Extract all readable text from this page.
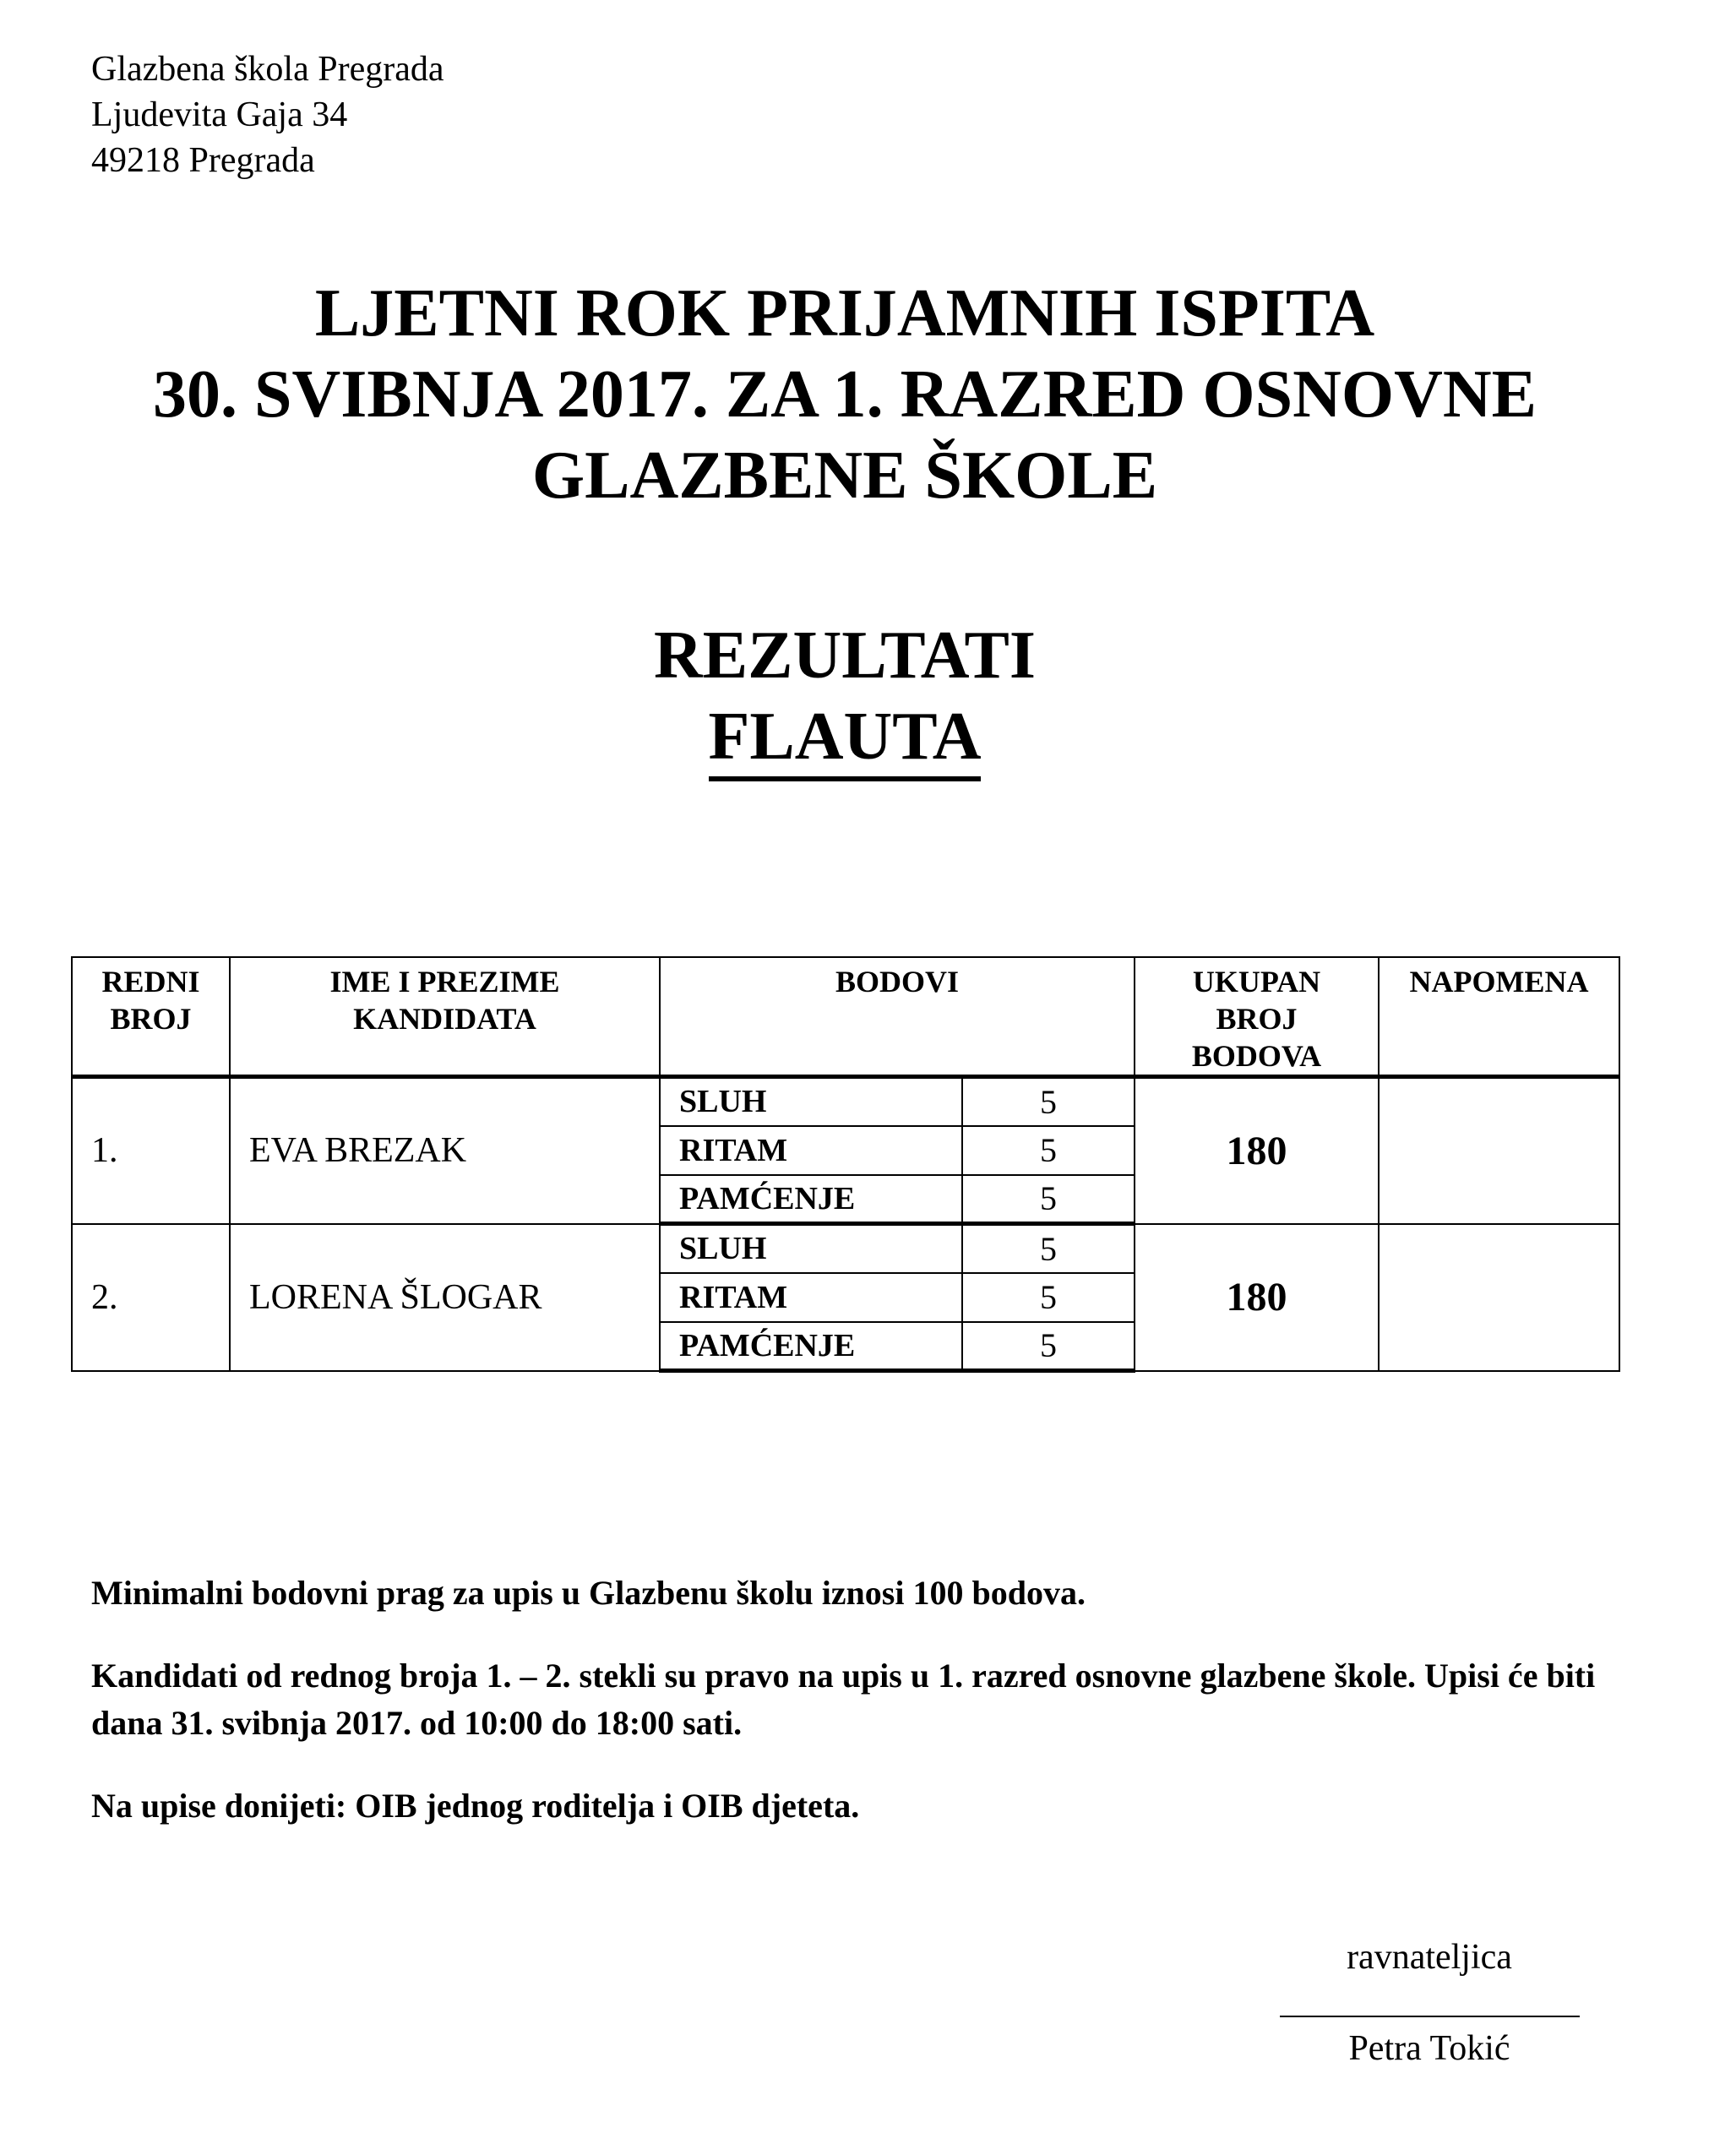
Glazbena škola Pregrada
Ljudevita Gaja 34
49218 Pregrada
LJETNI ROK PRIJAMNIH ISPITA
30. SVIBNJA 2017. ZA 1. RAZRED OSNOVNE
GLAZBENE ŠKOLE
REZULTATI
FLAUTA
REDNI
BROJ	IME I PREZIME
KANDIDATA	BODOVI		UKUPAN
BROJ
BODOVA	NAPOMENA
1.	EVA BREZAK	SLUH	5	180	
		RITAM	5		
		PAMĆENJE	5		
2.	LORENA ŠLOGAR	SLUH	5	180	
		RITAM	5		
		PAMĆENJE	5		

Minimalni bodovni prag za upis u Glazbenu školu iznosi 100 bodova.

Kandidati od rednog broja 1. – 2. stekli su pravo na upis u 1. razred osnovne glazbene škole. Upisi će biti dana 31. svibnja 2017. od 10:00 do 18:00 sati.

Na upise donijeti: OIB jednog roditelja i OIB djeteta.

ravnateljica
Petra Tokić
